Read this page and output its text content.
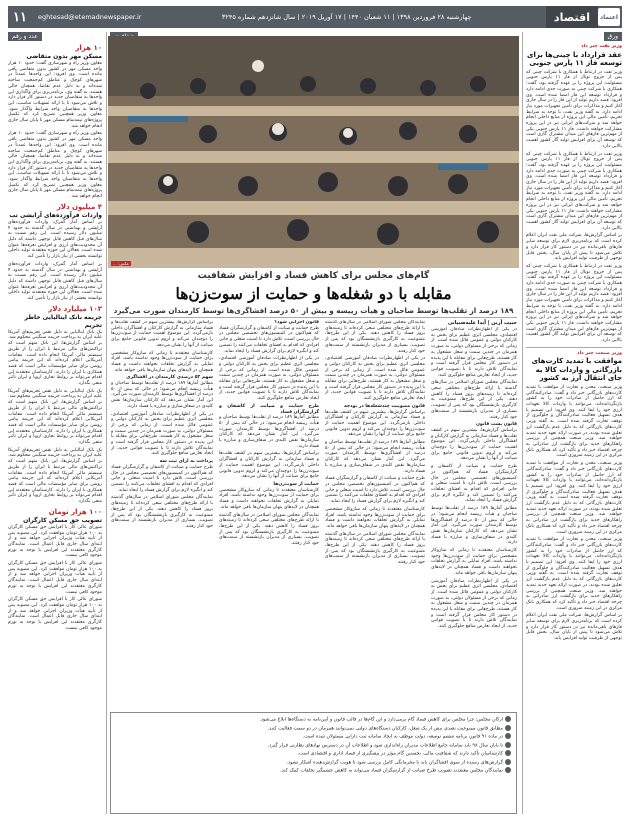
اقتصاد
چهارشنبه ۲۸ فروردین ۱۳۹۸ | ۱۱ شعبان ۱۴۴۰ | ۱۷ آوریل ۲۰۱۹ | سال شانزدهم شماره ۳۲۴۵
eghtesad@etemadnewspaper.ir
۱۱	اعتماد
ورق
عدد و رقم
وزیر نفت خبر داد
عقد قرارداد با چینی‌ها برای توسعه فاز ۱۱ پارس جنوبی

وزیر نفت در ارتباط با همکاری با شرکت چینی که پس از خروج توتال از فاز ۱۱ پارس جنوبی مسئولیت این پروژه را بر عهده گرفته بود، گفت: همکاری با شرکت چینی به صورت جدی ادامه دارد و قرارداد توسعه این فاز امضا شده است. وی افزود: قصد داریم تولید از این فاز را در سال جاری آغاز کنیم و مذاکرات برای تأمین تجهیزات مورد نیاز ادامه دارد. به گفته وزیر نفت، با توجه به شرایط تحریم، تأمین مالی این پروژه از منابع داخلی انجام خواهد شد و شرکت‌های ایرانی نیز در این پروژه مشارکت خواهند داشت. فاز ۱۱ پارس جنوبی یکی از مهم‌ترین فازهای این میدان مشترک گازی است که توسعه آن برای افزایش تولید گاز کشور اهمیت بالایی دارد.

وزیر نفت در ارتباط با همکاری با شرکت چینی که پس از خروج توتال از فاز ۱۱ پارس جنوبی مسئولیت این پروژه را بر عهده گرفته بود، گفت: همکاری با شرکت چینی به صورت جدی ادامه دارد و قرارداد توسعه این فاز امضا شده است. وی افزود: قصد داریم تولید از این فاز را در سال جاری آغاز کنیم و مذاکرات برای تأمین تجهیزات مورد نیاز ادامه دارد. به گفته وزیر نفت، با توجه به شرایط تحریم، تأمین مالی این پروژه از منابع داخلی انجام خواهد شد و شرکت‌های ایرانی نیز در این پروژه مشارکت خواهند داشت. فاز ۱۱ پارس جنوبی یکی از مهم‌ترین فازهای این میدان مشترک گازی است که توسعه آن برای افزایش تولید گاز کشور اهمیت بالایی دارد.

بر اساس گزارش‌ها، شرکت ملی نفت ایران اعلام کرده است که برنامه‌ریزی لازم برای توسعه سایر فازهای باقی‌مانده نیز در دستور کار قرار دارد و تلاش می‌شود تا پیش از پایان سال، بخش قابل توجهی از ظرفیت تولید افزایش یابد.

وزیر نفت در ارتباط با همکاری با شرکت چینی که پس از خروج توتال از فاز ۱۱ پارس جنوبی مسئولیت این پروژه را بر عهده گرفته بود، گفت: همکاری با شرکت چینی به صورت جدی ادامه دارد و قرارداد توسعه این فاز امضا شده است. وی افزود: قصد داریم تولید از این فاز را در سال جاری آغاز کنیم و مذاکرات برای تأمین تجهیزات مورد نیاز ادامه دارد. به گفته وزیر نفت، با توجه به شرایط تحریم، تأمین مالی این پروژه از منابع داخلی انجام خواهد شد و شرکت‌های ایرانی نیز در این پروژه مشارکت خواهند داشت. فاز ۱۱ پارس جنوبی یکی از مهم‌ترین فازهای این میدان مشترک گازی است که توسعه آن برای افزایش تولید گاز کشور اهمیت بالایی دارد.

وزیر صنعت خبر داد
موافقت با تمدید کارت‌های بازرگانی و واردات کالا به جای انتقال ارز به کشور

وزیر صنعت، معدن و تجارت از موافقت با تمدید کارت‌های بازرگانی خبر داد و گفت: صادرکنندگانی که ارز حاصل از صادرات خود را به کشور بازنگردانده‌اند، می‌توانند با واردات کالا تعهدات ارزی خود را ایفا کنند. وی افزود: این تصمیم با هدف تسهیل فعالیت صادرکنندگان و جلوگیری از توقف تجارت گرفته شده است. به گفته وزیر، کارت‌های بازرگانی که به دلیل عدم بازگشت ارز تعلیق شده بودند، در صورت ارائه تعهد جدید تمدید خواهند شد. وزیر صنعت همچنین از بررسی راهکارهای جدید برای بازگشت ارز صادراتی به چرخه اقتصاد خبر داد و تأکید کرد که همکاری بانک مرکزی در این زمینه ضروری است.

وزیر صنعت، معدن و تجارت از موافقت با تمدید کارت‌های بازرگانی خبر داد و گفت: صادرکنندگانی که ارز حاصل از صادرات خود را به کشور بازنگردانده‌اند، می‌توانند با واردات کالا تعهدات ارزی خود را ایفا کنند. وی افزود: این تصمیم با هدف تسهیل فعالیت صادرکنندگان و جلوگیری از توقف تجارت گرفته شده است. به گفته وزیر، کارت‌های بازرگانی که به دلیل عدم بازگشت ارز تعلیق شده بودند، در صورت ارائه تعهد جدید تمدید خواهند شد. وزیر صنعت همچنین از بررسی راهکارهای جدید برای بازگشت ارز صادراتی به چرخه اقتصاد خبر داد و تأکید کرد که همکاری بانک مرکزی در این زمینه ضروری است.

وزیر صنعت، معدن و تجارت از موافقت با تمدید کارت‌های بازرگانی خبر داد و گفت: صادرکنندگانی که ارز حاصل از صادرات خود را به کشور بازنگردانده‌اند، می‌توانند با واردات کالا تعهدات ارزی خود را ایفا کنند. وی افزود: این تصمیم با هدف تسهیل فعالیت صادرکنندگان و جلوگیری از توقف تجارت گرفته شده است. به گفته وزیر، کارت‌های بازرگانی که به دلیل عدم بازگشت ارز تعلیق شده بودند، در صورت ارائه تعهد جدید تمدید خواهند شد. وزیر صنعت همچنین از بررسی راهکارهای جدید برای بازگشت ارز صادراتی به چرخه اقتصاد خبر داد و تأکید کرد که همکاری بانک مرکزی در این زمینه ضروری است.

بر اساس گزارش‌ها، شرکت ملی نفت ایران اعلام کرده است که برنامه‌ریزی لازم برای توسعه سایر فازهای باقی‌مانده نیز در دستور کار قرار دارد و تلاش می‌شود تا پیش از پایان سال، بخش قابل توجهی از ظرفیت تولید افزایش یابد.

عکس: ...
گام‌های مجلس برای کاهش فساد و افزایش شفافیت
مقابله با دو شغله‌ها و حمایت از سوت‌زن‌ها
۱۸۹ درصد از تقلب‌ها توسط صاحبان و هیأت رییسه و بیش از ۵۰ درصد افشاگری‌ها توسط کارمندان صورت می‌گیرد
حبیب آرین | آیدا علیه‌صبیانی

در یکی از اظهارنظرات صادقان آموزشی اقتصادی، مجلسی اثری عظیم برای بخش به کارکنان دولتی و عمومی قائل شده است. از زمانی که برخی از مسئولان دولتی، به صورت همزمان در چندین سمت و شغل مشغول به کار هستند، طرح‌هایی برای مقابله با این پدیده در دستور کار مجلس قرار گرفته است و نمایندگان تلاش دارند تا با تصویب قوانین جدید، از ایجاد تعارض منافع جلوگیری کنند.

نمایندگان مجلس شورای اسلامی در سال‌های گذشته با ارائه طرح‌های مختلفی سعی کرده‌اند تا زمینه‌های بروز فساد را کاهش دهند. یکی از این طرح‌ها، ممنوعیت به کارگیری بازنشستگان بود که پس از تصویب، بسیاری از مدیران بازنشسته از سمت‌های خود کنار رفتند.

قانون پشت قانون

براساس گزارش‌ها، بیشترین سهم در کشف تقلب‌ها و فساد سازمانی به گزارش کارکنان و افشاگران داخلی بازمی‌گردد. این موضوع اهمیت حمایت از سوت‌زن‌ها را دوچندان می‌کند و لزوم تدوین قانونی جامع برای صیانت از آنها را نشان می‌دهد.

طرح حمایت و صیانت از کاشفان و گزارشگران فساد که هم‌اکنون در کمیسیون‌های تخصصی مجلس در حال بررسی است، تلاش دارد تا امنیت شغلی و جانی افرادی که اقدام به افشای تخلفات می‌کنند را تضمین کند و انگیزه لازم برای گزارش فساد را ایجاد نماید.

مطابق آمارها ۱۸۹ درصد از تقلب‌ها توسط صاحبان و هیأت رییسه انجام می‌شود؛ در حالی که بیش از ۵۰ درصد از افشاگری‌ها توسط کارمندان صورت می‌گیرد. این آمار نشان می‌دهد که کارکنان سازمان‌ها نقش کلیدی در شفاف‌سازی و مبارزه با فساد دارند.

کارشناسان معتقدند تا زمانی که سازوکار مشخصی برای حمایت از سوت‌زن‌ها وجود نداشته باشد، افراد تمایلی به گزارش تخلفات نخواهند داشت و فساد همچنان در لایه‌های پنهان سازمان‌ها باقی خواهد ماند.

در یکی از اظهارنظرات صادقان آموزشی اقتصادی، مجلسی اثری عظیم برای بخش به کارکنان دولتی و عمومی قائل شده است. از زمانی که برخی از مسئولان دولتی، به صورت همزمان در چندین سمت و شغل مشغول به کار هستند، طرح‌هایی برای مقابله با این پدیده در دستور کار مجلس قرار گرفته است و نمایندگان تلاش دارند تا با تصویب قوانین جدید، از ایجاد تعارض منافع جلوگیری کنند.

نمایندگان مجلس شورای اسلامی در سال‌های گذشته با ارائه طرح‌های مختلفی سعی کرده‌اند تا زمینه‌های بروز فساد را کاهش دهند. یکی از این طرح‌ها، ممنوعیت به کارگیری بازنشستگان بود که پس از تصویب، بسیاری از مدیران بازنشسته از سمت‌های خود کنار رفتند.

در یکی از اظهارنظرات صادقان آموزشی اقتصادی، مجلسی اثری عظیم برای بخش به کارکنان دولتی و عمومی قائل شده است. از زمانی که برخی از مسئولان دولتی، به صورت همزمان در چندین سمت و شغل مشغول به کار هستند، طرح‌هایی برای مقابله با این پدیده در دستور کار مجلس قرار گرفته است و نمایندگان تلاش دارند تا با تصویب قوانین جدید، از ایجاد تعارض منافع جلوگیری کنند.

قانون مصوبیت چندشغله‌ها در بودجه

براساس گزارش‌ها، بیشترین سهم در کشف تقلب‌ها و فساد سازمانی به گزارش کارکنان و افشاگران داخلی بازمی‌گردد. این موضوع اهمیت حمایت از سوت‌زن‌ها را دوچندان می‌کند و لزوم تدوین قانونی جامع برای صیانت از آنها را نشان می‌دهد.

مطابق آمارها ۱۸۹ درصد از تقلب‌ها توسط صاحبان و هیأت رییسه انجام می‌شود؛ در حالی که بیش از ۵۰ درصد از افشاگری‌ها توسط کارمندان صورت می‌گیرد. این آمار نشان می‌دهد که کارکنان سازمان‌ها نقش کلیدی در شفاف‌سازی و مبارزه با فساد دارند.

طرح حمایت و صیانت از کاشفان و گزارشگران فساد که هم‌اکنون در کمیسیون‌های تخصصی مجلس در حال بررسی است، تلاش دارد تا امنیت شغلی و جانی افرادی که اقدام به افشای تخلفات می‌کنند را تضمین کند و انگیزه لازم برای گزارش فساد را ایجاد نماید.

کارشناسان معتقدند تا زمانی که سازوکار مشخصی برای حمایت از سوت‌زن‌ها وجود نداشته باشد، افراد تمایلی به گزارش تخلفات نخواهند داشت و فساد همچنان در لایه‌های پنهان سازمان‌ها باقی خواهد ماند.

نمایندگان مجلس شورای اسلامی در سال‌های گذشته با ارائه طرح‌های مختلفی سعی کرده‌اند تا زمینه‌های بروز فساد را کاهش دهند. یکی از این طرح‌ها، ممنوعیت به کارگیری بازنشستگان بود که پس از تصویب، بسیاری از مدیران بازنشسته از سمت‌های خود کنار رفتند.

قانون اجرایی شود؟

طرح حمایت و صیانت از کاشفان و گزارشگران فساد که هم‌اکنون در کمیسیون‌های تخصصی مجلس در حال بررسی است، تلاش دارد تا امنیت شغلی و جانی افرادی که اقدام به افشای تخلفات می‌کنند را تضمین کند و انگیزه لازم برای گزارش فساد را ایجاد نماید.

در یکی از اظهارنظرات صادقان آموزشی اقتصادی، مجلسی اثری عظیم برای بخش به کارکنان دولتی و عمومی قائل شده است. از زمانی که برخی از مسئولان دولتی، به صورت همزمان در چندین سمت و شغل مشغول به کار هستند، طرح‌هایی برای مقابله با این پدیده در دستور کار مجلس قرار گرفته است و نمایندگان تلاش دارند تا با تصویب قوانین جدید، از ایجاد تعارض منافع جلوگیری کنند.

طرح حمایت و صیانت از کاشفان و گزارشگران فساد

مطابق آمارها ۱۸۹ درصد از تقلب‌ها توسط صاحبان و هیأت رییسه انجام می‌شود؛ در حالی که بیش از ۵۰ درصد از افشاگری‌ها توسط کارمندان صورت می‌گیرد. این آمار نشان می‌دهد که کارکنان سازمان‌ها نقش کلیدی در شفاف‌سازی و مبارزه با فساد دارند.

براساس گزارش‌ها، بیشترین سهم در کشف تقلب‌ها و فساد سازمانی به گزارش کارکنان و افشاگران داخلی بازمی‌گردد. این موضوع اهمیت حمایت از سوت‌زن‌ها را دوچندان می‌کند و لزوم تدوین قانونی جامع برای صیانت از آنها را نشان می‌دهد.

حمایت از سوت‌زن‌ها

کارشناسان معتقدند تا زمانی که سازوکار مشخصی برای حمایت از سوت‌زن‌ها وجود نداشته باشد، افراد تمایلی به گزارش تخلفات نخواهند داشت و فساد همچنان در لایه‌های پنهان سازمان‌ها باقی خواهد ماند.

نمایندگان مجلس شورای اسلامی در سال‌های گذشته با ارائه طرح‌های مختلفی سعی کرده‌اند تا زمینه‌های بروز فساد را کاهش دهند. یکی از این طرح‌ها، ممنوعیت به کارگیری بازنشستگان بود که پس از تصویب، بسیاری از مدیران بازنشسته از سمت‌های خود کنار رفتند.

براساس گزارش‌ها، بیشترین سهم در کشف تقلب‌ها و فساد سازمانی به گزارش کارکنان و افشاگران داخلی بازمی‌گردد. این موضوع اهمیت حمایت از سوت‌زن‌ها را دوچندان می‌کند و لزوم تدوین قانونی جامع برای صیانت از آنها را نشان می‌دهد.

کارشناسان معتقدند تا زمانی که سازوکار مشخصی برای حمایت از سوت‌زن‌ها وجود نداشته باشد، افراد تمایلی به گزارش تخلفات نخواهند داشت و فساد همچنان در لایه‌های پنهان سازمان‌ها باقی خواهد ماند.

سهم ۵۳ درصدی کارمندان در افشاگری

مطابق آمارها ۱۸۹ درصد از تقلب‌ها توسط صاحبان و هیأت رییسه انجام می‌شود؛ در حالی که بیش از ۵۰ درصد از افشاگری‌ها توسط کارمندان صورت می‌گیرد. این آمار نشان می‌دهد که کارکنان سازمان‌ها نقش کلیدی در شفاف‌سازی و مبارزه با فساد دارند.

در یکی از اظهارنظرات صادقان آموزشی اقتصادی، مجلسی اثری عظیم برای بخش به کارکنان دولتی و عمومی قائل شده است. از زمانی که برخی از مسئولان دولتی، به صورت همزمان در چندین سمت و شغل مشغول به کار هستند، طرح‌هایی برای مقابله با این پدیده در دستور کار مجلس قرار گرفته است و نمایندگان تلاش دارند تا با تصویب قوانین جدید، از ایجاد تعارض منافع جلوگیری کنند.

پرداخت به ازای ثبت سه

طرح حمایت و صیانت از کاشفان و گزارشگران فساد که هم‌اکنون در کمیسیون‌های تخصصی مجلس در حال بررسی است، تلاش دارد تا امنیت شغلی و جانی افرادی که اقدام به افشای تخلفات می‌کنند را تضمین کند و انگیزه لازم برای گزارش فساد را ایجاد نماید.

نمایندگان مجلس شورای اسلامی در سال‌های گذشته با ارائه طرح‌های مختلفی سعی کرده‌اند تا زمینه‌های بروز فساد را کاهش دهند. یکی از این طرح‌ها، ممنوعیت به کارگیری بازنشستگان بود که پس از تصویب، بسیاری از مدیران بازنشسته از سمت‌های خود کنار رفتند.

ارکان مجلس: چرا مجلس برای کاهش فساد گام برمی‌دارد و این گام‌ها در قالب قانون و آیین‌نامه به دستگاه‌ها ابلاغ می‌شود.

مطابق قانون ممنوعیت تصدی بیش از یک شغل، کارکنان دستگاه‌های دولتی نمی‌توانند همزمان در دو سمت فعالیت کنند.

در ماده ۹۱ قانون برنامه ششم توسعه، دولت موظف به ایجاد سامانه ثبت دارایی مسئولان شده است.

تا پایان سال ۹۸ باید سامانه جامع اطلاعات مدیران راه‌اندازی شود و اطلاعات آن در دسترس نهادهای نظارتی قرار گیرد.

کارشناسان تأکید دارند که شفافیت مالی، نخستین گام مؤثر در پیشگیری از فساد اداری و اقتصادی است.

گزارش‌های رسیده از سوی افشاگران باید با محرمانگی کامل بررسی شود تا هویت گزارش‌دهنده آشکار نشود.

نمایندگان مجلس معتقدند تصویب طرح صیانت از گزارشگران فساد می‌تواند به کاهش چشمگیر تخلفات کمک کند.

۱۰ هزار
مسکن مهر بدون متقاضی

معاون وزیر راه و شهرسازی گفت: حدود ۱۰ هزار واحد مسکن مهر در کشور بدون متقاضی باقی مانده است. وی افزود: این واحدها عمدتاً در شهرهای کوچک و مناطق کم‌جمعیت ساخته شده‌اند و به دلیل عدم تقاضا، همچنان خالی هستند. به گفته وی، برنامه‌ریزی برای واگذاری این واحدها به متقاضیان جدید در دستور کار قرار دارد و تلاش می‌شود تا با ارائه تسهیلات مناسب، این واحدها به متقاضیان واجد شرایط واگذار شود. معاون وزیر همچنین تصریح کرد که تکمیل پروژه‌های نیمه‌تمام مسکن مهر تا پایان سال جاری انجام خواهد شد.

معاون وزیر راه و شهرسازی گفت: حدود ۱۰ هزار واحد مسکن مهر در کشور بدون متقاضی باقی مانده است. وی افزود: این واحدها عمدتاً در شهرهای کوچک و مناطق کم‌جمعیت ساخته شده‌اند و به دلیل عدم تقاضا، همچنان خالی هستند. به گفته وی، برنامه‌ریزی برای واگذاری این واحدها به متقاضیان جدید در دستور کار قرار دارد و تلاش می‌شود تا با ارائه تسهیلات مناسب، این واحدها به متقاضیان واجد شرایط واگذار شود. معاون وزیر همچنین تصریح کرد که تکمیل پروژه‌های نیمه‌تمام مسکن مهر تا پایان سال جاری انجام خواهد شد.

۴ میلیون دلار
واردات فرآورده‌های آرایشی تب

بر اساس آمار گمرک، واردات فرآورده‌های آرایشی و بهداشتی در سال گذشته به حدود ۴ میلیون دلار رسیده است. این رقم نسبت به سال‌های قبل کاهش قابل توجهی داشته که دلیل آن محدودیت‌های ارزی و افزایش تعرفه‌ها عنوان شده است. فعالان این حوزه معتقدند تولید داخلی توانسته بخشی از نیاز بازار را تأمین کند.

بر اساس آمار گمرک، واردات فرآورده‌های آرایشی و بهداشتی در سال گذشته به حدود ۴ میلیون دلار رسیده است. این رقم نسبت به سال‌های قبل کاهش قابل توجهی داشته که دلیل آن محدودیت‌های ارزی و افزایش تعرفه‌ها عنوان شده است. فعالان این حوزه معتقدند تولید داخلی توانسته بخشی از نیاز بازار را تأمین کند.

۱۰۳ میلیارد دلار
جریمه بانک ایتالیایی خاطر تحریم

یک بانک ایتالیایی به دلیل نقض تحریم‌های آمریکا علیه ایران به پرداخت جریمه سنگینی محکوم شد. بر اساس گزارش‌ها، این بانک متهم است که تراکنش‌های مالی مرتبط با ایران را از طریق سیستم مالی آمریکا انجام داده است. مقامات آمریکایی اعلام کرده‌اند که این جریمه پیامی روشن برای سایر مؤسسات مالی است که قصد همکاری با ایران را دارند. کارشناسان معتقدند این اقدام می‌تواند بر روابط تجاری اروپا و ایران تأثیر منفی بگذارد.

یک بانک ایتالیایی به دلیل نقض تحریم‌های آمریکا علیه ایران به پرداخت جریمه سنگینی محکوم شد. بر اساس گزارش‌ها، این بانک متهم است که تراکنش‌های مالی مرتبط با ایران را از طریق سیستم مالی آمریکا انجام داده است. مقامات آمریکایی اعلام کرده‌اند که این جریمه پیامی روشن برای سایر مؤسسات مالی است که قصد همکاری با ایران را دارند. کارشناسان معتقدند این اقدام می‌تواند بر روابط تجاری اروپا و ایران تأثیر منفی بگذارد.

یک بانک ایتالیایی به دلیل نقض تحریم‌های آمریکا علیه ایران به پرداخت جریمه سنگینی محکوم شد. بر اساس گزارش‌ها، این بانک متهم است که تراکنش‌های مالی مرتبط با ایران را از طریق سیستم مالی آمریکا انجام داده است. مقامات آمریکایی اعلام کرده‌اند که این جریمه پیامی روشن برای سایر مؤسسات مالی است که قصد همکاری با ایران را دارند. کارشناسان معتقدند این اقدام می‌تواند بر روابط تجاری اروپا و ایران تأثیر منفی بگذارد.

۱۰۰ هزار تومان
تصویب حق مسکن کارگران

شورای عالی کار با افزایش حق مسکن کارگران به ۱۰۰ هزار تومان موافقت کرد. این مصوبه پس از تأیید هیأت وزیران اجرایی خواهد شد و از ابتدای سال جاری قابل اعمال است. نمایندگان کارگری معتقدند این افزایش با توجه به تورم موجود کافی نیست.

شورای عالی کار با افزایش حق مسکن کارگران به ۱۰۰ هزار تومان موافقت کرد. این مصوبه پس از تأیید هیأت وزیران اجرایی خواهد شد و از ابتدای سال جاری قابل اعمال است. نمایندگان کارگری معتقدند این افزایش با توجه به تورم موجود کافی نیست.

شورای عالی کار با افزایش حق مسکن کارگران به ۱۰۰ هزار تومان موافقت کرد. این مصوبه پس از تأیید هیأت وزیران اجرایی خواهد شد و از ابتدای سال جاری قابل اعمال است. نمایندگان کارگری معتقدند این افزایش با توجه به تورم موجود کافی نیست.
